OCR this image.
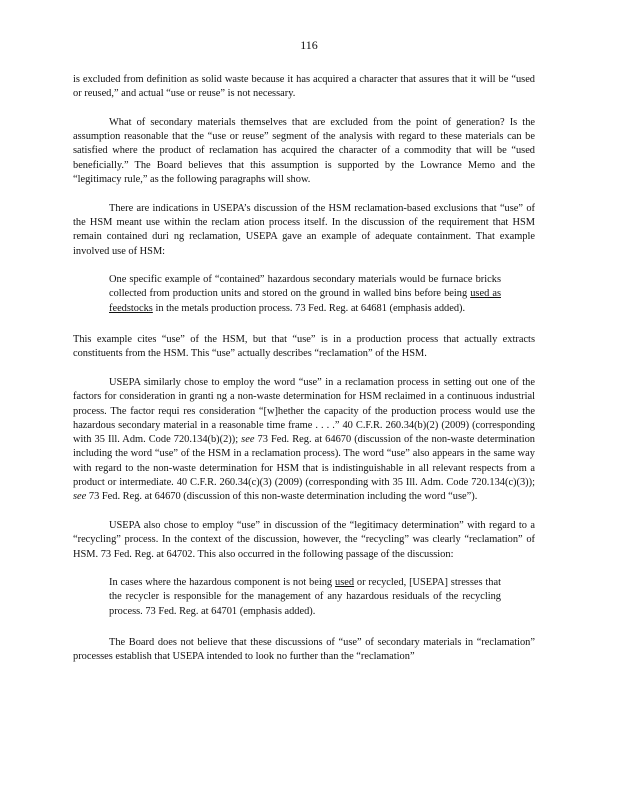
116

is excluded from definition as solid waste because it has acquired a character that assures that it will be “used or reused,” and actual “use or reuse” is not necessary.

What of secondary materials themselves that are excluded from the point of generation? Is the assumption reasonable that the “use or reuse” segment of the analysis with regard to these materials can be satisfied where the product of reclamation has acquired the character of a commodity that will be “used beneficially.” The Board believes that this assumption is supported by the Lowrance Memo and the “legitimacy rule,” as the following paragraphs will show.

There are indications in USEPA’s discussion of the HSM reclamation-based exclusions that “use” of the HSM meant use within the reclam ation process itself. In the discussion of the requirement that HSM remain contained duri ng reclamation, USEPA gave an example of adequate containment. That example involved use of HSM:

One specific example of “contained” hazardous secondary materials would be furnace bricks collected from production units and stored on the ground in walled bins before being used as feedstocks in the metals production process. 73 Fed. Reg. at 64681 (emphasis added).

This example cites “use” of the HSM, but that “use” is in a production process that actually extracts constituents from the HSM. This “use” actually describes “reclamation” of the HSM.

USEPA similarly chose to employ the word “use” in a reclamation process in setting out one of the factors for consideration in granti ng a non-waste determination for HSM reclaimed in a continuous industrial process. The factor requi res consideration “[w]hether the capacity of the production process would use the hazardous secondary material in a reasonable time frame . . . .” 40 C.F.R. 260.34(b)(2) (2009) (corresponding with 35 Ill. Adm. Code 720.134(b)(2)); see 73 Fed. Reg. at 64670 (discussion of the non-waste determination including the word “use” of the HSM in a reclamation process). The word “use” also appears in the same way with regard to the non-waste determination for HSM that is indistinguishable in all relevant respects from a product or intermediate. 40 C.F.R. 260.34(c)(3) (2009) (corresponding with 35 Ill. Adm. Code 720.134(c)(3)); see 73 Fed. Reg. at 64670 (discussion of this non-waste determination including the word “use”).

USEPA also chose to employ “use” in discussion of the “legitimacy determination” with regard to a “recycling” process. In the context of the discussion, however, the “recycling” was clearly “reclamation” of HSM. 73 Fed. Reg. at 64702. This also occurred in the following passage of the discussion:

In cases where the hazardous component is not being used or recycled, [USEPA] stresses that the recycler is responsible for the management of any hazardous residuals of the recycling process. 73 Fed. Reg. at 64701 (emphasis added).

The Board does not believe that these discussions of “use” of secondary materials in “reclamation” processes establish that USEPA intended to look no further than the “reclamation”
